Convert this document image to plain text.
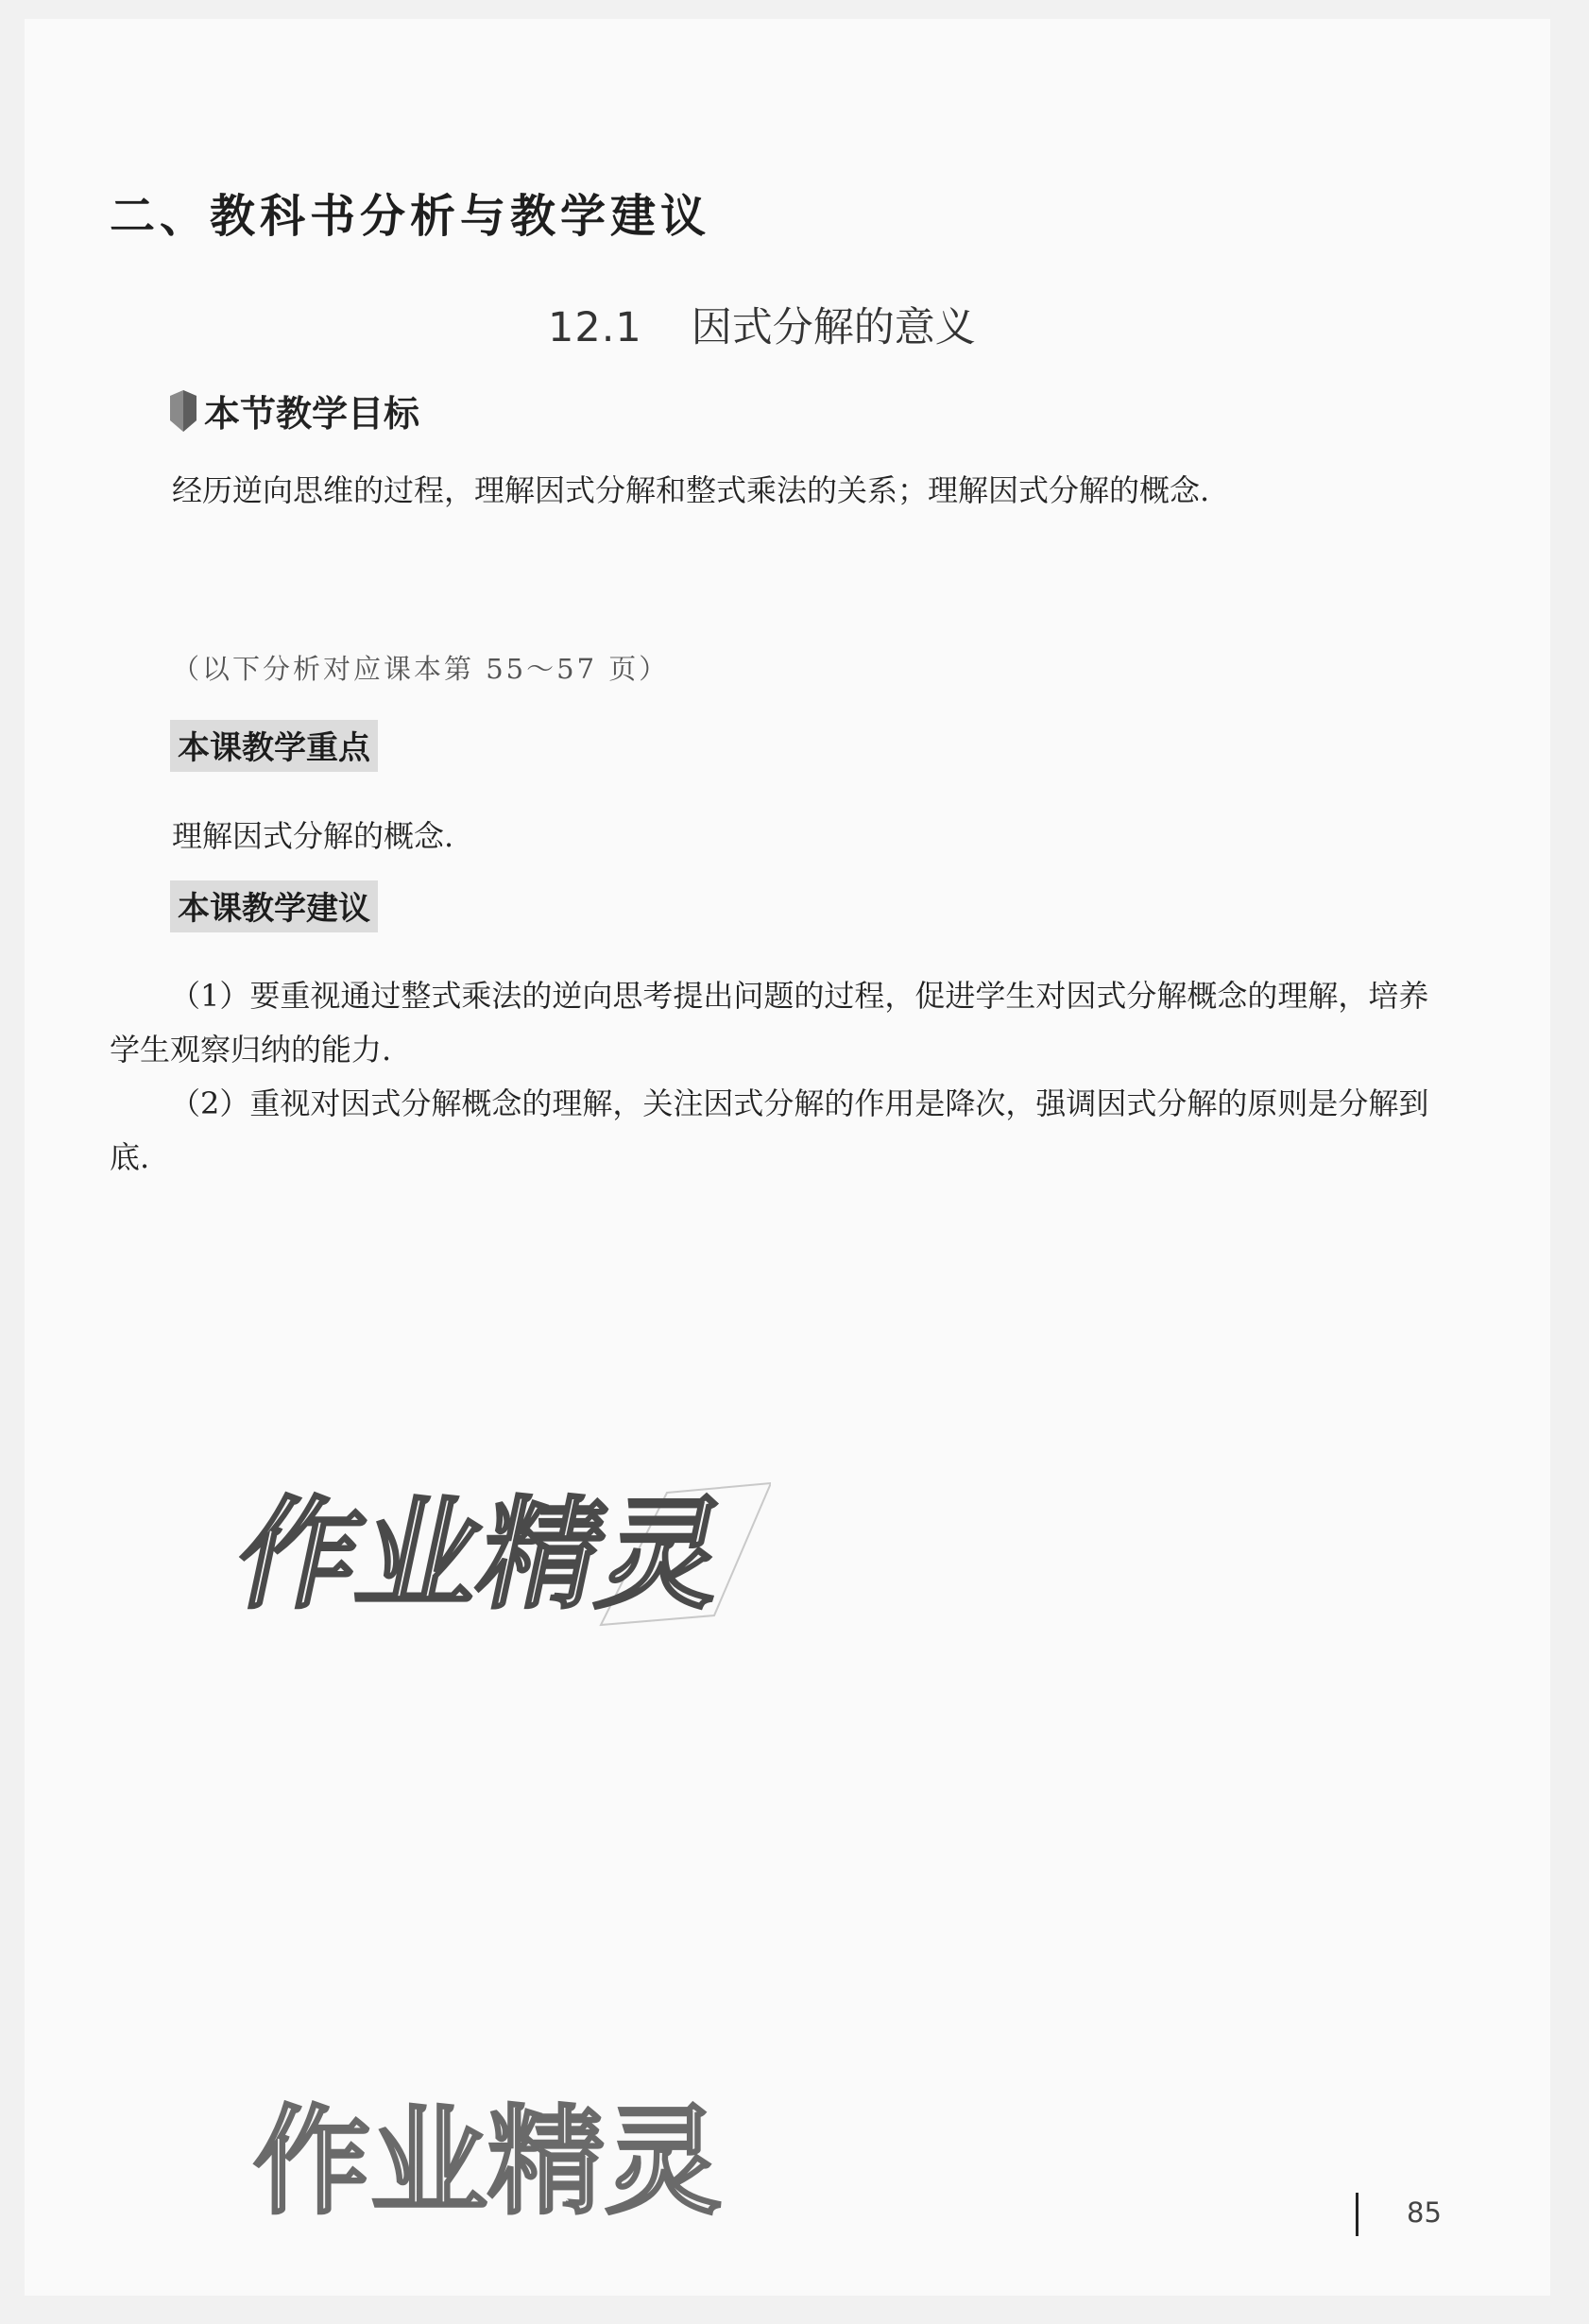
二、教科书分析与教学建议
12.1 因式分解的意义
本节教学目标
经历逆向思维的过程，理解因式分解和整式乘法的关系；理解因式分解的概念.
（以下分析对应课本第 55～57 页）
本课教学重点
理解因式分解的概念.
本课教学建议
（1）要重视通过整式乘法的逆向思考提出问题的过程，促进学生对因式分解概念的理解，培养学生观察归纳的能力.
（2）重视对因式分解概念的理解，关注因式分解的作用是降次，强调因式分解的原则是分解到底.
作业精灵
作业精灵	85
